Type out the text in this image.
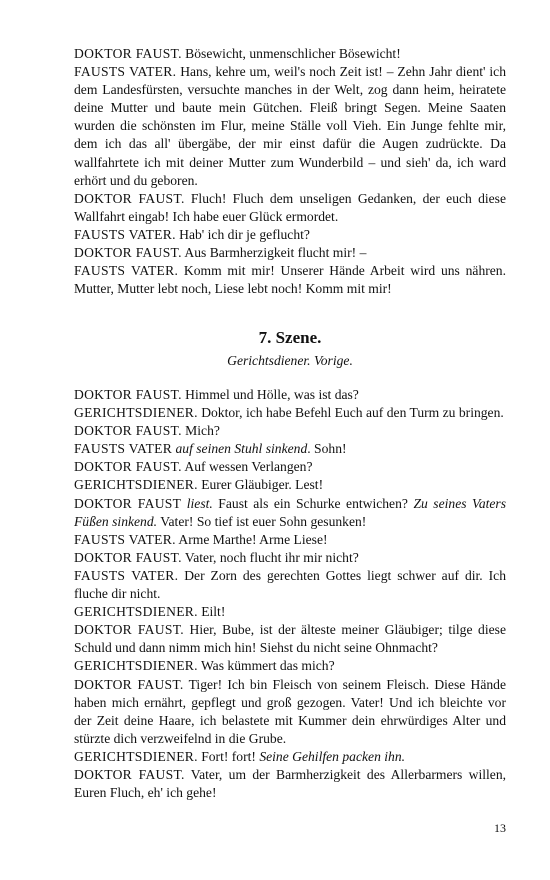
DOKTOR FAUST. Bösewicht, unmenschlicher Bösewicht!

FAUSTS VATER. Hans, kehre um, weil's noch Zeit ist! – Zehn Jahr dient' ich dem Landesfürsten, versuchte manches in der Welt, zog dann heim, heiratete deine Mutter und baute mein Gütchen. Fleiß bringt Segen. Meine Saaten wurden die schönsten im Flur, meine Ställe voll Vieh. Ein Junge fehlte mir, dem ich das all' übergäbe, der mir einst dafür die Augen zudrückte. Da wallfahrtete ich mit deiner Mutter zum Wunderbild – und sieh' da, ich ward erhört und du geboren.

DOKTOR FAUST. Fluch! Fluch dem unseligen Gedanken, der euch diese Wallfahrt eingab! Ich habe euer Glück ermordet.

FAUSTS VATER. Hab' ich dir je geflucht?

DOKTOR FAUST. Aus Barmherzigkeit flucht mir! –

FAUSTS VATER. Komm mit mir! Unserer Hände Arbeit wird uns nähren. Mutter, Mutter lebt noch, Liese lebt noch! Komm mit mir!

7. Szene.
Gerichtsdiener. Vorige.

DOKTOR FAUST. Himmel und Hölle, was ist das?

GERICHTSDIENER. Doktor, ich habe Befehl Euch auf den Turm zu bringen.

DOKTOR FAUST. Mich?

FAUSTS VATER auf seinen Stuhl sinkend. Sohn!

DOKTOR FAUST. Auf wessen Verlangen?

GERICHTSDIENER. Eurer Gläubiger. Lest!

DOKTOR FAUST liest. Faust als ein Schurke entwichen? Zu seines Vaters Füßen sinkend. Vater! So tief ist euer Sohn gesunken!

FAUSTS VATER. Arme Marthe! Arme Liese!

DOKTOR FAUST. Vater, noch flucht ihr mir nicht?

FAUSTS VATER. Der Zorn des gerechten Gottes liegt schwer auf dir. Ich fluche dir nicht.

GERICHTSDIENER. Eilt!

DOKTOR FAUST. Hier, Bube, ist der älteste meiner Gläubiger; tilge diese Schuld und dann nimm mich hin! Siehst du nicht seine Ohnmacht?

GERICHTSDIENER. Was kümmert das mich?

DOKTOR FAUST. Tiger! Ich bin Fleisch von seinem Fleisch. Diese Hände haben mich ernährt, gepflegt und groß gezogen. Vater! Und ich bleichte vor der Zeit deine Haare, ich belastete mit Kummer dein ehrwürdiges Alter und stürzte dich verzweifelnd in die Grube.

GERICHTSDIENER. Fort! fort! Seine Gehilfen packen ihn.

DOKTOR FAUST. Vater, um der Barmherzigkeit des Allerbarmers willen, Euren Fluch, eh' ich gehe!

13
